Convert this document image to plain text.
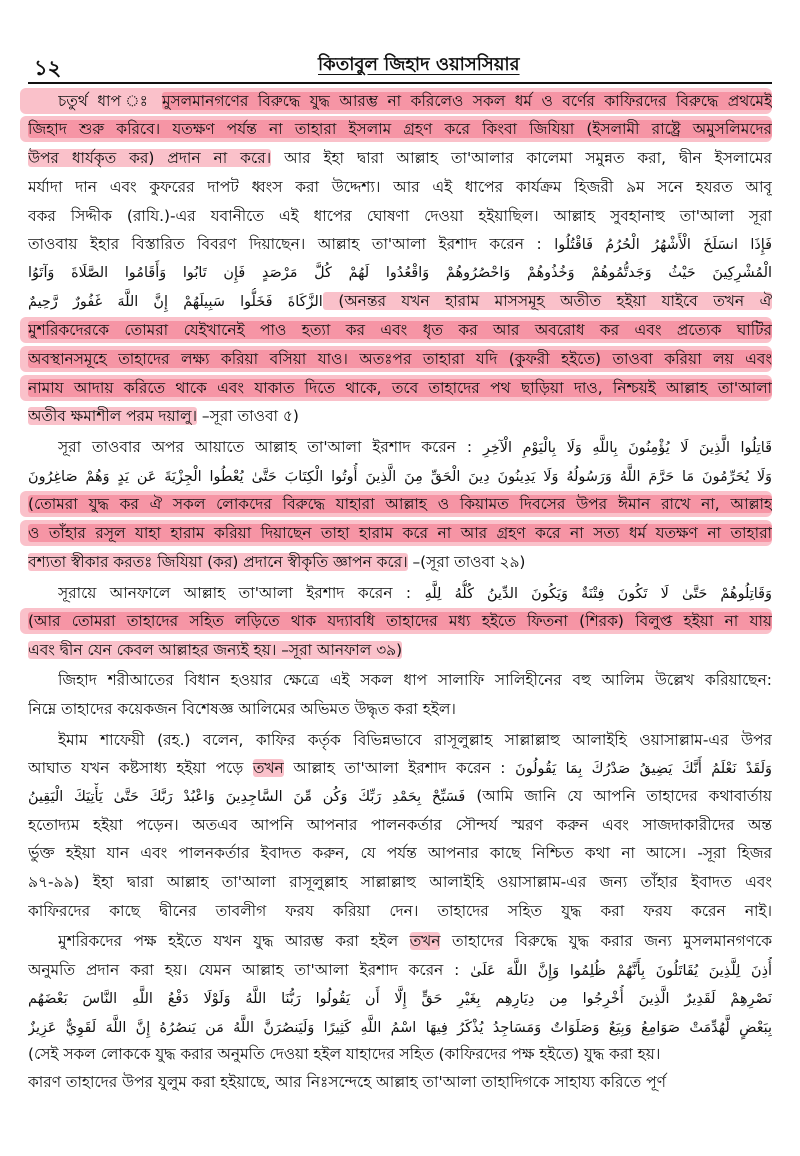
১২	কিতাবুল জিহাদ ওয়াসসিয়ার
চতুর্থ ধাপ ঃ মুসলমানগণের বিরুদ্ধে যুদ্ধ আরম্ভ না করিলেও সকল ধর্ম ও বর্ণের কাফিরদের বিরুদ্ধে প্রথমেই
জিহাদ শুরু করিবে। যতক্ষণ পর্যন্ত না তাহারা ইসলাম গ্রহণ করে কিংবা জিযিয়া (ইসলামী রাষ্ট্রে অমুসলিমদের
উপর ধার্যকৃত কর) প্রদান না করে। আর ইহা দ্বারা আল্লাহ তা'আলার কালেমা সমুন্নত করা, দ্বীন ইসলামের
মর্যাদা দান এবং কুফরের দাপট ধ্বংস করা উদ্দেশ্য। আর এই ধাপের কার্যক্রম হিজরী ৯ম সনে হযরত আবূ
বকর সিদ্দীক (রাযি.)-এর যবানীতে এই ধাপের ঘোষণা দেওয়া হইয়াছিল। আল্লাহ সুবহানাহু তা'আলা সূরা
তাওবায় ইহার বিস্তারিত বিবরণ দিয়াছেন। আল্লাহ তা'আলা ইরশাদ করেন : فَإِذَا انسَلَخَ الْأَشْهُرُ الْحُرُمُ فَاقْتُلُوا
الْمُشْرِكِينَ حَيْثُ وَجَدتُّمُوهُمْ وَخُذُوهُمْ وَاحْصُرُوهُمْ وَاقْعُدُوا لَهُمْ كُلَّ مَرْصَدٍ فَإِن تَابُوا وَأَقَامُوا الصَّلَاةَ وَآتَوُا
الزَّكَاةَ فَخَلُّوا سَبِيلَهُمْ إِنَّ اللَّهَ غَفُورٌ رَّحِيمٌ (অনন্তর যখন হারাম মাসসমূহ অতীত হইয়া যাইবে তখন ঐ
মুশরিকদেরকে তোমরা যেইখানেই পাও হত্যা কর এবং ধৃত কর আর অবরোধ কর এবং প্রত্যেক ঘাটির
অবস্থানসমূহে তাহাদের লক্ষ্য করিয়া বসিয়া যাও। অতঃপর তাহারা যদি (কুফরী হইতে) তাওবা করিয়া লয় এবং
নামায আদায় করিতে থাকে এবং যাকাত দিতে থাকে, তবে তাহাদের পথ ছাড়িয়া দাও, নিশ্চয়ই আল্লাহ তা'আলা
অতীব ক্ষমাশীল পরম দয়ালু। –সূরা তাওবা ৫)
সূরা তাওবার অপর আয়াতে আল্লাহ তা'আলা ইরশাদ করেন : قَاتِلُوا الَّذِينَ لَا يُؤْمِنُونَ بِاللَّهِ وَلَا بِالْيَوْمِ الْآخِرِ
وَلَا يُحَرِّمُونَ مَا حَرَّمَ اللَّهُ وَرَسُولُهُ وَلَا يَدِينُونَ دِينَ الْحَقِّ مِنَ الَّذِينَ أُوتُوا الْكِتَابَ حَتَّىٰ يُعْطُوا الْجِزْيَةَ عَن يَدٍ وَهُمْ صَاغِرُونَ
(তোমরা যুদ্ধ কর ঐ সকল লোকদের বিরুদ্ধে যাহারা আল্লাহ ও কিয়ামত দিবসের উপর ঈমান রাখে না, আল্লাহ
ও তাঁহার রসূল যাহা হারাম করিয়া দিয়াছেন তাহা হারাম করে না আর গ্রহণ করে না সত্য ধর্ম যতক্ষণ না তাহারা
বশ্যতা স্বীকার করতঃ জিযিয়া (কর) প্রদানে স্বীকৃতি জ্ঞাপন করে। –(সূরা তাওবা ২৯)
সূরায়ে আনফালে আল্লাহ তা'আলা ইরশাদ করেন : وَقَاتِلُوهُمْ حَتَّىٰ لَا تَكُونَ فِتْنَةٌ وَيَكُونَ الدِّينُ كُلُّهُ لِلَّهِ
(আর তোমরা তাহাদের সহিত লড়িতে থাক যদ্যাবধি তাহাদের মধ্য হইতে ফিতনা (শিরক) বিলুপ্ত হইয়া না যায়
এবং দ্বীন যেন কেবল আল্লাহর জন্যই হয়। –সূরা আনফাল ৩৯)
জিহাদ শরীআতের বিধান হওয়ার ক্ষেত্রে এই সকল ধাপ সালাফি সালিহীনের বহু আলিম উল্লেখ করিয়াছেন:
নিম্নে তাহাদের কয়েকজন বিশেষজ্ঞ আলিমের অভিমত উদ্ধৃত করা হইল।
ইমাম শাফেয়ী (রহ.) বলেন, কাফির কর্তৃক বিভিন্নভাবে রাসূলুল্লাহ সাল্লাল্লাহু আলাইহি ওয়াসাল্লাম-এর উপর
আঘাত যখন কষ্টসাধ্য হইয়া পড়ে তখন আল্লাহ তা'আলা ইরশাদ করেন : وَلَقَدْ نَعْلَمُ أَنَّكَ يَضِيقُ صَدْرُكَ بِمَا يَقُولُونَ
فَسَبِّحْ بِحَمْدِ رَبِّكَ وَكُن مِّنَ السَّاجِدِينَ وَاعْبُدْ رَبَّكَ حَتَّىٰ يَأْتِيَكَ الْيَقِينُ (আমি জানি যে আপনি তাহাদের কথাবার্তায়
হতোদ্যম হইয়া পড়েন। অতএব আপনি আপনার পালনকর্তার সৌন্দর্য স্মরণ করুন এবং সাজদাকারীদের অন্ত
র্ভুক্ত হইয়া যান এবং পালনকর্তার ইবাদত করুন, যে পর্যন্ত আপনার কাছে নিশ্চিত কথা না আসে। -সূরা হিজর
৯৭-৯৯) ইহা দ্বারা আল্লাহ তা'আলা রাসূলুল্লাহ সাল্লাল্লাহু আলাইহি ওয়াসাল্লাম-এর জন্য তাঁহার ইবাদত এবং
কাফিরদের কাছে দ্বীনের তাবলীগ ফরয করিয়া দেন। তাহাদের সহিত যুদ্ধ করা ফরয করেন নাই।
মুশরিকদের পক্ষ হইতে যখন যুদ্ধ আরম্ভ করা হইল তখন তাহাদের বিরুদ্ধে যুদ্ধ করার জন্য মুসলমানগণকে
অনুমতি প্রদান করা হয়। যেমন আল্লাহ তা'আলা ইরশাদ করেন : أُذِنَ لِلَّذِينَ يُقَاتَلُونَ بِأَنَّهُمْ ظُلِمُوا وَإِنَّ اللَّهَ عَلَىٰ
نَصْرِهِمْ لَقَدِيرٌ الَّذِينَ أُخْرِجُوا مِن دِيَارِهِم بِغَيْرِ حَقٍّ إِلَّا أَن يَقُولُوا رَبُّنَا اللَّهُ وَلَوْلَا دَفْعُ اللَّهِ النَّاسَ بَعْضَهُم
بِبَعْضٍ لَّهُدِّمَتْ صَوَامِعُ وَبِيَعٌ وَصَلَوَاتٌ وَمَسَاجِدُ يُذْكَرُ فِيهَا اسْمُ اللَّهِ كَثِيرًا وَلَيَنصُرَنَّ اللَّهُ مَن يَنصُرُهُ إِنَّ اللَّهَ لَقَوِيٌّ عَزِيزٌ
(সেই সকল লোককে যুদ্ধ করার অনুমতি দেওয়া হইল যাহাদের সহিত (কাফিরদের পক্ষ হইতে) যুদ্ধ করা হয়।
কারণ তাহাদের উপর যুলুম করা হইয়াছে, আর নিঃসন্দেহে আল্লাহ তা'আলা তাহাদিগকে সাহায্য করিতে পূর্ণ
